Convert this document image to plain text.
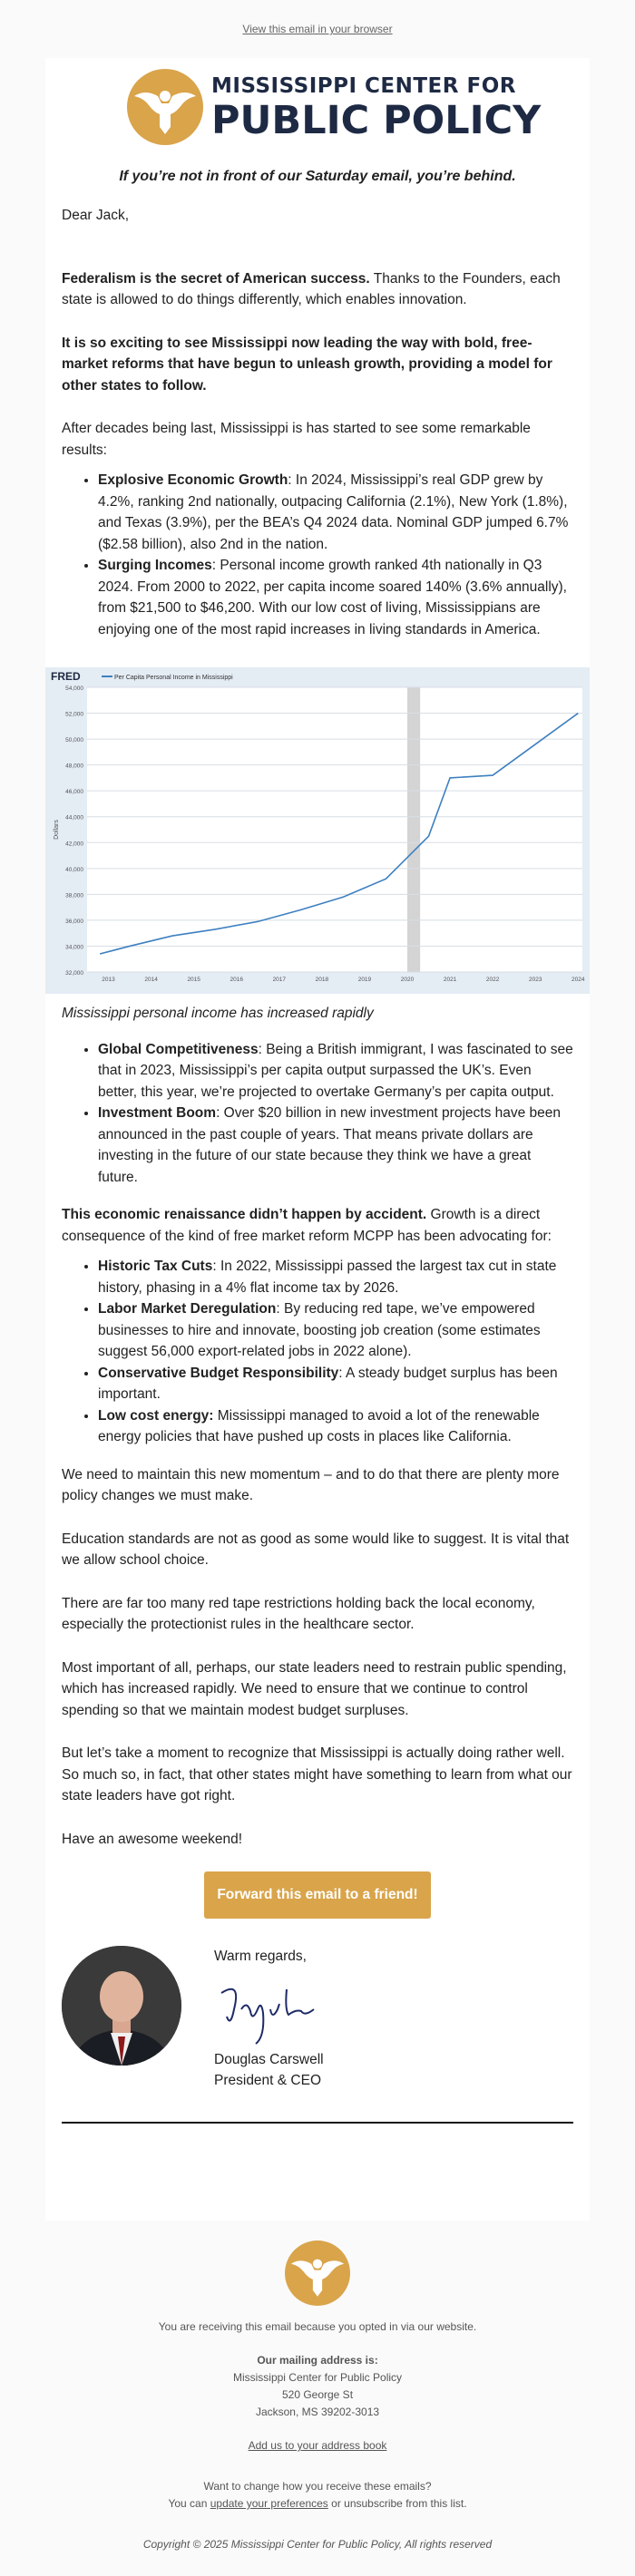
View this email in your browser
MISSISSIPPI CENTER FOR
PUBLIC POLICY
If you’re not in front of our Saturday email, you’re behind.

Dear Jack,

Federalism is the secret of American success. Thanks to the Founders, each state is allowed to do things differently, which enables innovation.

It is so exciting to see Mississippi now leading the way with bold, free-market reforms that have begun to unleash growth, providing a model for other states to follow.

After decades being last, Mississippi is has started to see some remarkable results:

• Explosive Economic Growth: In 2024, Mississippi’s real GDP grew by 4.2%, ranking 2nd nationally, outpacing California (2.1%), New York (1.8%), and Texas (3.9%), per the BEA’s Q4 2024 data. Nominal GDP jumped 6.7% ($2.58 billion), also 2nd in the nation.
• Surging Incomes: Personal income growth ranked 4th nationally in Q3 2024. From 2000 to 2022, per capita income soared 140% (3.6% annually), from $21,500 to $46,200. With our low cost of living, Mississippians are enjoying one of the most rapid increases in living standards in America.
32,000
34,000
36,000
38,000
40,000
42,000
44,000
46,000
48,000
50,000
52,000
54,000
2013	2014	2015	2016	2017	2018	2019	2020	2021	2022	2023	2024
Dollars
FRED	Per Capita Personal Income in Mississippi

Mississippi personal income has increased rapidly

• Global Competitiveness: Being a British immigrant, I was fascinated to see that in 2023, Mississippi’s per capita output surpassed the UK’s. Even better, this year, we’re projected to overtake Germany’s per capita output.
• Investment Boom: Over $20 billion in new investment projects have been announced in the past couple of years. That means private dollars are investing in the future of our state because they think we have a great future.

This economic renaissance didn’t happen by accident. Growth is a direct consequence of the kind of free market reform MCPP has been advocating for:

• Historic Tax Cuts: In 2022, Mississippi passed the largest tax cut in state history, phasing in a 4% flat income tax by 2026.
• Labor Market Deregulation: By reducing red tape, we’ve empowered businesses to hire and innovate, boosting job creation (some estimates suggest 56,000 export-related jobs in 2022 alone).
• Conservative Budget Responsibility: A steady budget surplus has been important.
• Low cost energy: Mississippi managed to avoid a lot of the renewable energy policies that have pushed up costs in places like California.

We need to maintain this new momentum – and to do that there are plenty more policy changes we must make.

Education standards are not as good as some would like to suggest. It is vital that we allow school choice.

There are far too many red tape restrictions holding back the local economy, especially the protectionist rules in the healthcare sector.

Most important of all, perhaps, our state leaders need to restrain public spending, which has increased rapidly. We need to ensure that we continue to control spending so that we maintain modest budget surpluses.

But let’s take a moment to recognize that Mississippi is actually doing rather well. So much so, in fact, that other states might have something to learn from what our state leaders have got right.

Have an awesome weekend!

Forward this email to a friend!
Warm regards,
Douglas Carswell
President & CEO

You are receiving this email because you opted in via our website.

Our mailing address is:
Mississippi Center for Public Policy
520 George St
Jackson, MS 39202-3013

Add us to your address book

Want to change how you receive these emails?
You can update your preferences or unsubscribe from this list.

Copyright © 2025 Mississippi Center for Public Policy, All rights reserved
